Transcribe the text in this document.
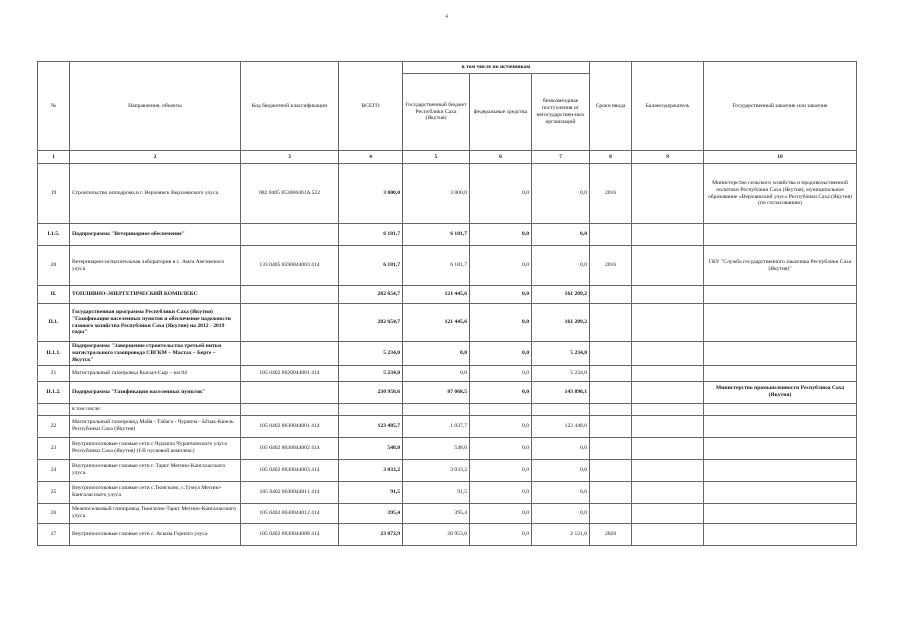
4
№	Направления, объекты	Код бюджетной классификации	ВСЕГО	в том числе по источникам			Сроки ввода	Балансодержатель	Государственный заказчик или заказчик
				Государственный бюджет Республики Саха (Якутия)	федеральные средства	безвозмездные поступления от негосударствен-ных организаций			
1	2	3	4	5	6	7	8	9	10
19	Строительство ипподрома в г. Верхоянск Верхоянского улуса	082 0405 853006401A 522	3 000,0	3 000,0	0,0	0,0	2016		Министерство сельского хозяйства и продовольственной политики Республики Саха (Якутия), муниципальное образование «Верхоянский улус» Республики Саха (Якутия) (по согласованию)
I.1.5.	Подпрограмма "Ветеринарное обеспечение"		6 181,7	6 181,7	0,0	0,0			
20	Ветеринарно-испытательная лаборатория в с. Амга Амгинского улуса	133 0405 8590044003 414	6 181,7	6 181,7	0,0	0,0	2016		ГКУ "Служба государственного заказчика Республики Саха (Якутия)"
II.	ТОПЛИВНО-ЭНЕРГЕТИЧЕСКИЙ КОМПЛЕКС		282 654,7	121 445,6	0,0	161 209,2			
II.1.	Государственная программа Республики Саха (Якутия) "Газификация населенных пунктов и обеспечение надежности газового хозяйства Республики Саха (Якутия) на 2012 - 2019 годы"		282 654,7	121 445,6	0,0	161 209,2			
II.1.1.	Подпрограмма "Завершение строительства третьей нитки магистрального газопровода СВГКМ – Мастах – Берге – Якутск"		5 234,0	0,0	0,0	5 234,0			
21	Магистральный газопровод Кысыл-Сыр – км 84	105 0402 8620044001 414	5 234,0	0,0	0,0	5 234,0			
II.1.2.	Подпрограмма "Газификация населенных пунктов"		230 958,6	87 068,5	0,0	143 890,1			Министерство промышленности Республики Саха (Якутия)
	в том числе:								
22	Магистральный газопровод Майя - Табага - Чурапча - Ытык-Кюель Республики Саха (Якутия)	105 0402 8630044001 414	123 485,7	1 037,7	0,0	122 448,0			
23	Внутрипоселковые газовые сети с.Чурапча Чурапчинского улуса Республики Саха (Якутия) (I-II пусковой комплекс)	105 0402 8630044002 414	548,0	548,0	0,0	0,0			
24	Внутрипоселковые газовые сети г. Таркт Мегино-Кангаласского улуса	105 0402 8630044003 414	3 033,2	3 033,2	0,0	0,0			
25	Внутрипоселковые газовые сети с.Тюнгюлю, с.Тумул Мегино-Кангаласского улуса	105 0402 8630044011 414	91,5	91,5	0,0	0,0			
26	Межпоселковый газопровод Тюнгюлю-Таркт Мегино-Кангаласского улуса	105 0402 8630044012 414	395,4	395,4	0,0	0,0			
27	Внутрипоселковые газовые сети с. Асыма Горного улуса	105 0402 8630044008 414	23 073,9	20 953,0	0,0	2 121,0	2020		
